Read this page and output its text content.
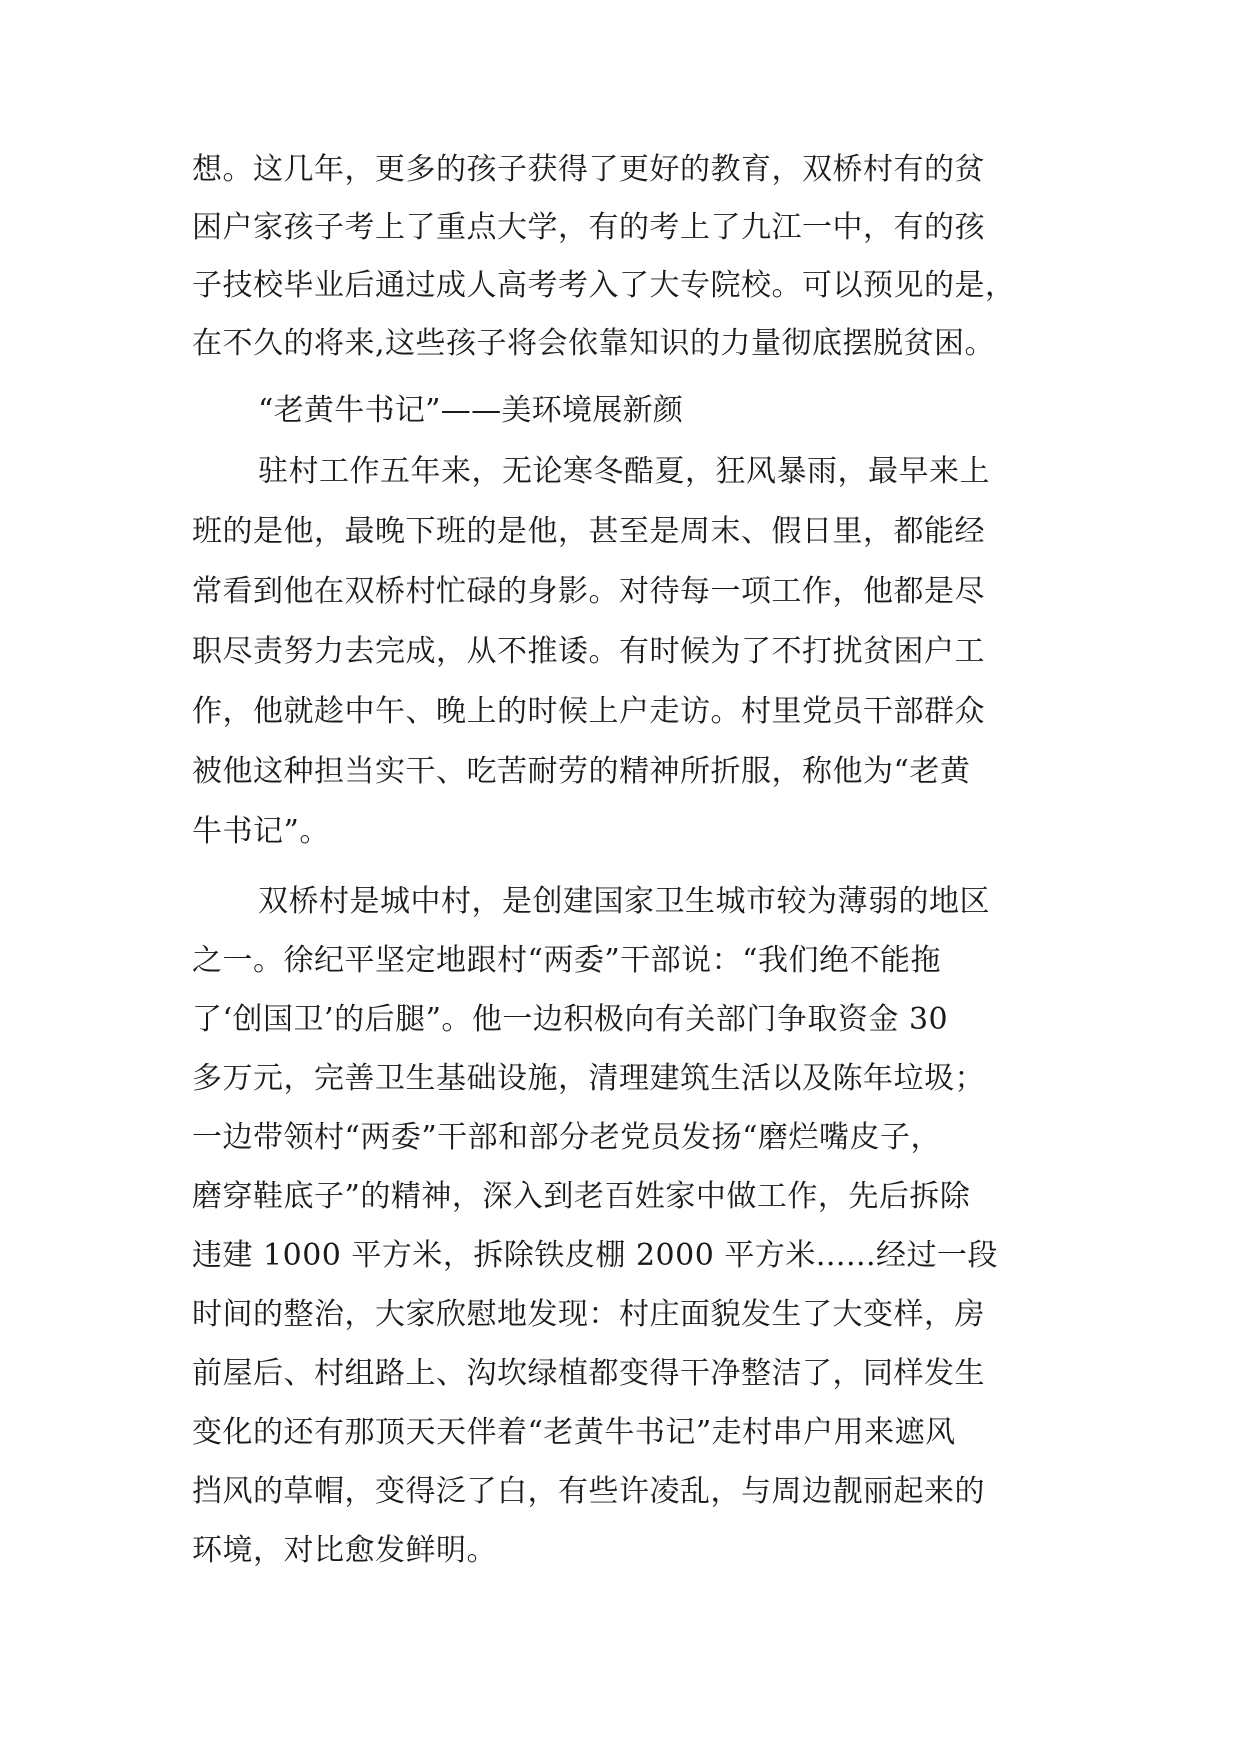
想。这几年，更多的孩子获得了更好的教育，双桥村有的贫

困户家孩子考上了重点大学，有的考上了九江一中，有的孩

子技校毕业后通过成人高考考入了大专院校。可以预见的是，

在不久的将来,这些孩子将会依靠知识的力量彻底摆脱贫困。

“老黄牛书记”——美环境展新颜

驻村工作五年来，无论寒冬酷夏，狂风暴雨，最早来上

班的是他，最晚下班的是他，甚至是周末、假日里，都能经

常看到他在双桥村忙碌的身影。对待每一项工作，他都是尽

职尽责努力去完成，从不推诿。有时候为了不打扰贫困户工

作，他就趁中午、晚上的时候上户走访。村里党员干部群众

被他这种担当实干、吃苦耐劳的精神所折服，称他为“老黄

牛书记”。

双桥村是城中村，是创建国家卫生城市较为薄弱的地区

之一。徐纪平坚定地跟村“两委”干部说：“我们绝不能拖

了‘创国卫’的后腿”。他一边积极向有关部门争取资金 30

多万元，完善卫生基础设施，清理建筑生活以及陈年垃圾；

一边带领村“两委”干部和部分老党员发扬“磨烂嘴皮子，

磨穿鞋底子”的精神，深入到老百姓家中做工作，先后拆除

违建 1000 平方米，拆除铁皮棚 2000 平方米......经过一段

时间的整治，大家欣慰地发现：村庄面貌发生了大变样，房

前屋后、村组路上、沟坎绿植都变得干净整洁了，同样发生

变化的还有那顶天天伴着“老黄牛书记”走村串户用来遮风

挡风的草帽，变得泛了白，有些许凌乱，与周边靓丽起来的

环境，对比愈发鲜明。
